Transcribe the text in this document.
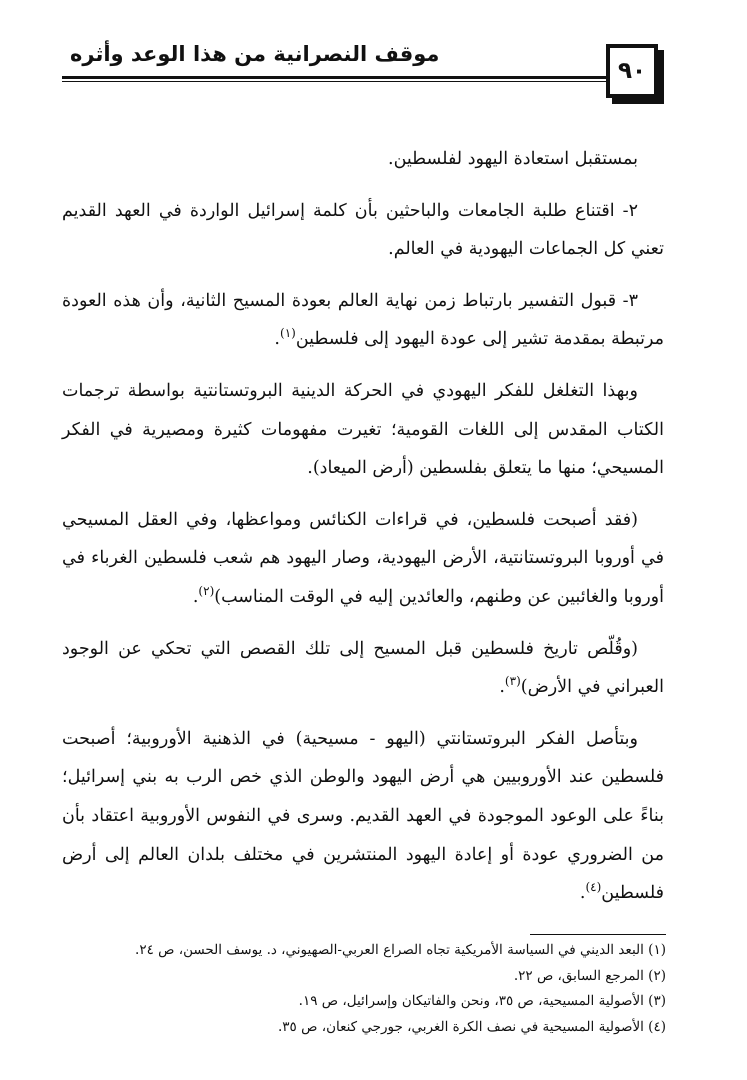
٩٠
موقف النصرانية من هذا الوعد وأثره

بمستقبل استعادة اليهود لفلسطين.

٢- اقتناع طلبة الجامعات والباحثين بأن كلمة إسرائيل الواردة في العهد القديم تعني كل الجماعات اليهودية في العالم.

٣- قبول التفسير بارتباط زمن نهاية العالم بعودة المسيح الثانية، وأن هذه العودة مرتبطة بمقدمة تشير إلى عودة اليهود إلى فلسطين$^{(١)}$.

وبهذا التغلغل للفكر اليهودي في الحركة الدينية البروتستانتية بواسطة ترجمات الكتاب المقدس إلى اللغات القومية؛ تغيرت مفهومات كثيرة ومصيرية في الفكر المسيحي؛ منها ما يتعلق بفلسطين (أرض الميعاد).

(فقد أصبحت فلسطين، في قراءات الكنائس ومواعظها، وفي العقل المسيحي في أوروبا البروتستانتية، الأرض اليهودية، وصار اليهود هم شعب فلسطين الغرباء في أوروبا والغائبين عن وطنهم، والعائدين إليه في الوقت المناسب)$^{(٢)}$.

(وقُلّص تاريخ فلسطين قبل المسيح إلى تلك القصص التي تحكي عن الوجود العبراني في الأرض)$^{(٣)}$.

وبتأصل الفكر البروتستانتي (اليهو - مسيحية) في الذهنية الأوروبية؛ أصبحت فلسطين عند الأوروبيين هي أرض اليهود والوطن الذي خص الرب به بني إسرائيل؛ بناءً على الوعود الموجودة في العهد القديم. وسرى في النفوس الأوروبية اعتقاد بأن من الضروري عودة أو إعادة اليهود المنتشرين في مختلف بلدان العالم إلى أرض فلسطين$^{(٤)}$.

(١) البعد الديني في السياسة الأمريكية تجاه الصراع العربي-الصهيوني، د. يوسف الحسن، ص ٢٤.

(٢) المرجع السابق، ص ٢٢.

(٣) الأصولية المسيحية، ص ٣٥، ونحن والفاتيكان وإسرائيل، ص ١٩.

(٤) الأصولية المسيحية في نصف الكرة الغربي، جورجي كنعان، ص ٣٥.
